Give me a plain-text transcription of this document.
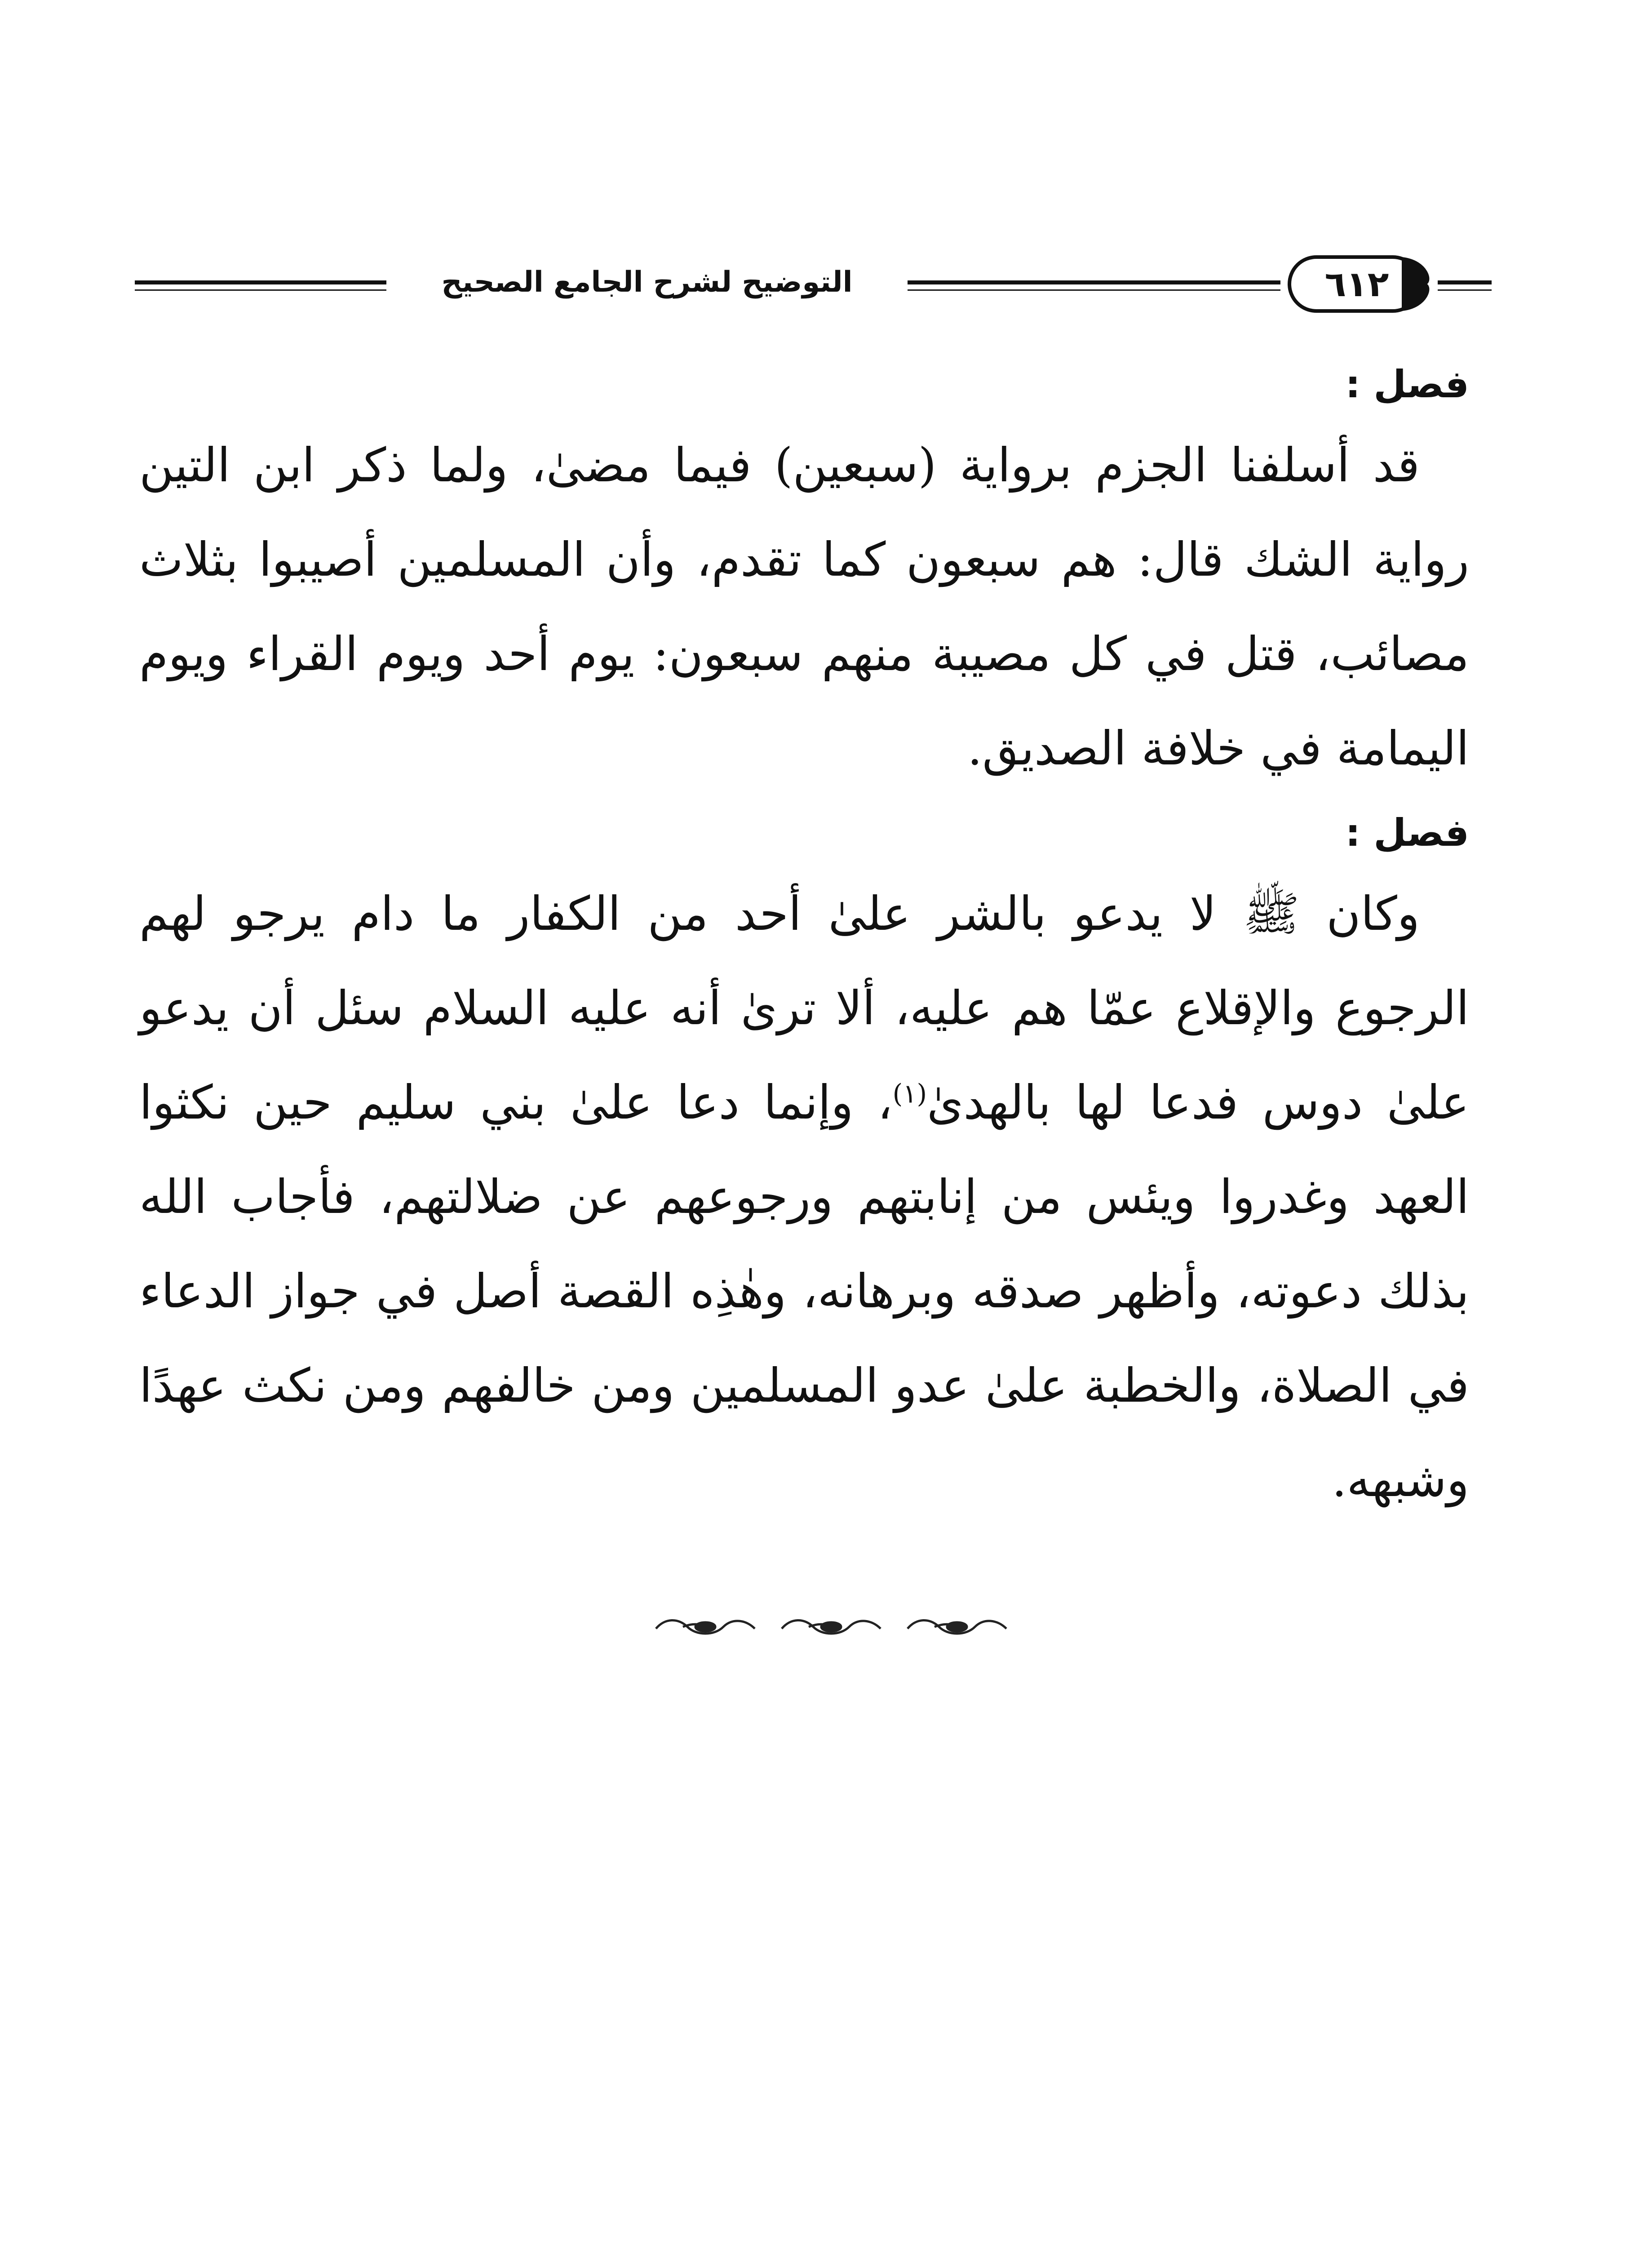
التوضيح لشرح الجامع الصحيح	٦١٢

فصل :

قد أسلفنا الجزم برواية (سبعين) فيما مضىٰ، ولما ذكر ابن التين رواية الشك قال: هم سبعون كما تقدم، وأن المسلمين أصيبوا بثلاث مصائب، قتل في كل مصيبة منهم سبعون: يوم أحد ويوم القراء ويوم اليمامة في خلافة الصديق.

فصل :

وكان ﷺ لا يدعو بالشر علىٰ أحد من الكفار ما دام يرجو لهم الرجوع والإقلاع عمّا هم عليه، ألا ترىٰ أنه عليه السلام سئل أن يدعو علىٰ دوس فدعا لها بالهدىٰ$^{(١)}$، وإنما دعا علىٰ بني سليم حين نكثوا العهد وغدروا ويئس من إنابتهم ورجوعهم عن ضلالتهم، فأجاب الله بذلك دعوته، وأظهر صدقه وبرهانه، وهٰذِه القصة أصل في جواز الدعاء في الصلاة، والخطبة علىٰ عدو المسلمين ومن خالفهم ومن نكث عهدًا وشبهه.
